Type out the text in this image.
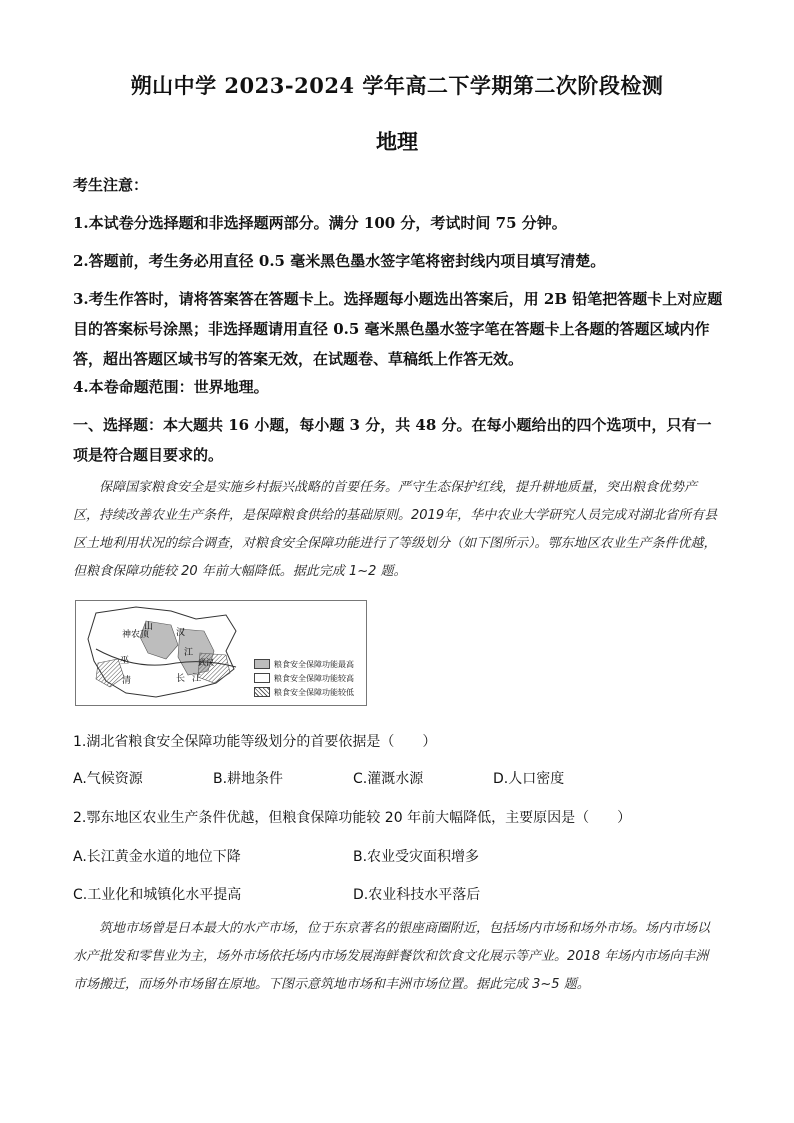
朔山中学 2023-2024 学年高二下学期第二次阶段检测
地理
考生注意：
1.本试卷分选择题和非选择题两部分。满分 100 分，考试时间 75 分钟。
2.答题前，考生务必用直径 0.5 毫米黑色墨水签字笔将密封线内项目填写清楚。
3.考生作答时，请将答案答在答题卡上。选择题每小题选出答案后，用 2B 铅笔把答题卡上对应题目的答案标号涂黑；非选择题请用直径 0.5 毫米黑色墨水签字笔在答题卡上各题的答题区域内作答，超出答题区域书写的答案无效，在试题卷、草稿纸上作答无效。
4.本卷命题范围：世界地理。
一、选择题：本大题共 16 小题，每小题 3 分，共 48 分。在每小题给出的四个选项中，只有一项是符合题目要求的。
保障国家粮食安全是实施乡村振兴战略的首要任务。严守生态保护红线，提升耕地质量，突出粮食优势产区，持续改善农业生产条件，是保障粮食供给的基础原则。2019年，华中农业大学研究人员完成对湖北省所有县区土地利用状况的综合调查，对粮食安全保障功能进行了等级划分（如下图所示）。鄂东地区农业生产条件优越，但粮食保障功能较 20 年前大幅降低。据此完成 1~2 题。
神农顶
山
汉
江
巫
清	长 江
武汉	粮食安全保障功能最高
粮食安全保障功能较高
粮食安全保障功能较低
1.湖北省粮食安全保障功能等级划分的首要依据是（　　）
A.气候资源	B.耕地条件	C.灌溉水源	D.人口密度
2.鄂东地区农业生产条件优越，但粮食保障功能较 20 年前大幅降低，主要原因是（　　）
A.长江黄金水道的地位下降	B.农业受灾面积增多
C.工业化和城镇化水平提高	D.农业科技水平落后
筑地市场曾是日本最大的水产市场，位于东京著名的银座商圈附近，包括场内市场和场外市场。场内市场以水产批发和零售业为主，场外市场依托场内市场发展海鲜餐饮和饮食文化展示等产业。2018 年场内市场向丰洲市场搬迁，而场外市场留在原地。下图示意筑地市场和丰洲市场位置。据此完成 3~5 题。
